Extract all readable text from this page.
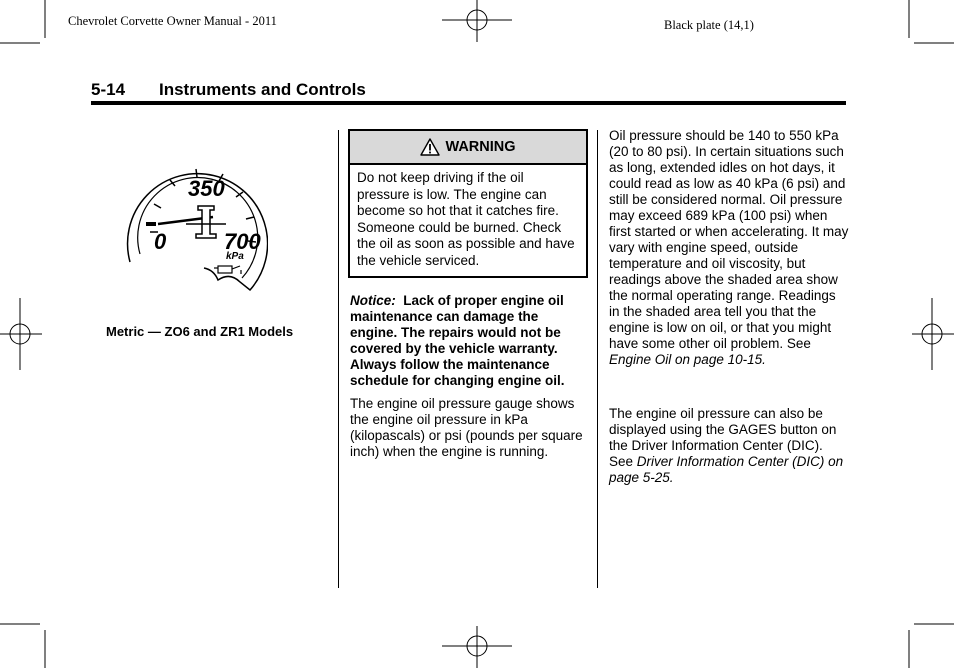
Chevrolet Corvette Owner Manual - 2011	Black plate (14,1)
5-14 Instruments and Controls
350
0	700
kPa
Metric — ZO6 and ZR1 Models
WARNING
Do not keep driving if the oil pressure is low. The engine can become so hot that it catches fire. Someone could be burned. Check the oil as soon as possible and have the vehicle serviced.
Notice: Lack of proper engine oil maintenance can damage the engine. The repairs would not be covered by the vehicle warranty. Always follow the maintenance schedule for changing engine oil.
The engine oil pressure gauge shows the engine oil pressure in kPa (kilopascals) or psi (pounds per square inch) when the engine is running.
Oil pressure should be 140 to 550 kPa (20 to 80 psi). In certain situations such as long, extended idles on hot days, it could read as low as 40 kPa (6 psi) and still be considered normal. Oil pressure may exceed 689 kPa (100 psi) when first started or when accelerating. It may vary with engine speed, outside temperature and oil viscosity, but readings above the shaded area show the normal operating range. Readings in the shaded area tell you that the engine is low on oil, or that you might have some other oil problem. See Engine Oil on page 10-15.
The engine oil pressure can also be displayed using the GAGES button on the Driver Information Center (DIC). See Driver Information Center (DIC) on page 5-25.
